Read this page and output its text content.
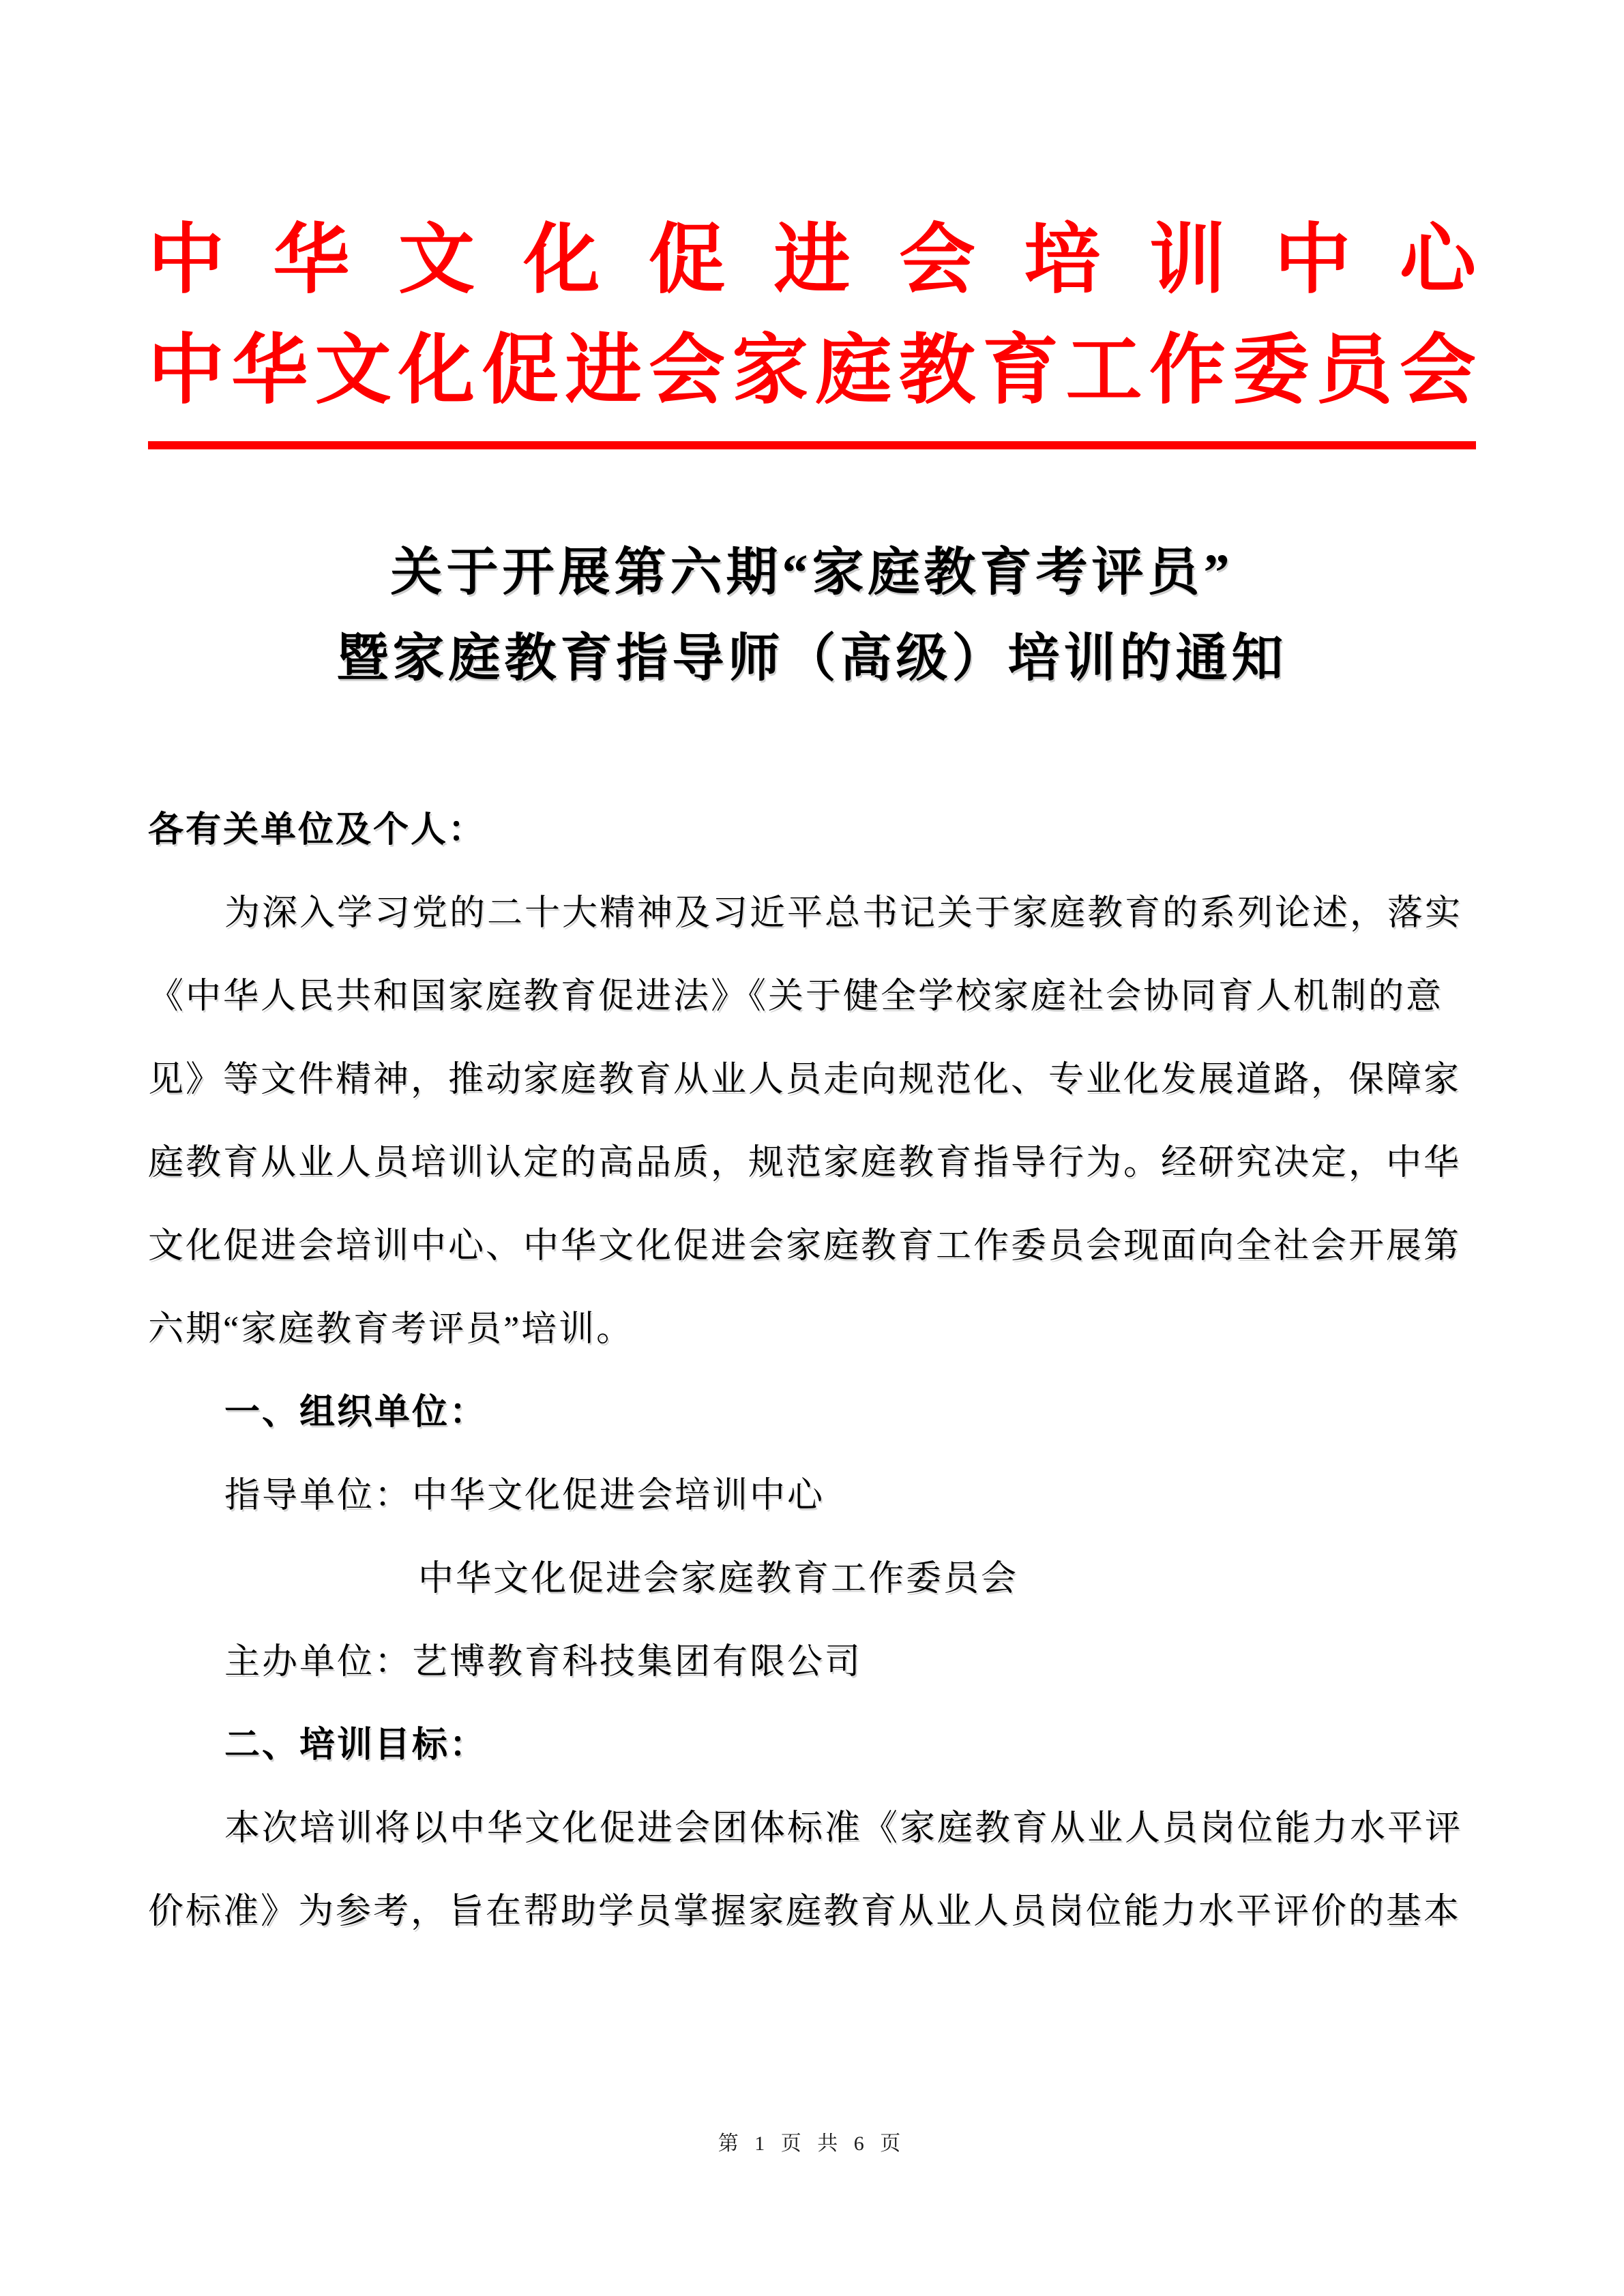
中 华 文 化 促 进 会 培 训 中 心
中 华 文 化 促 进 会 家 庭 教 育 工 作 委 员 会
关于开展第六期“家庭教育考评员”
暨家庭教育指导师（高级）培训的通知
各有关单位及个人：
为深入学习党的二十大精神及习近平总书记关于家庭教育的系列论述，落实
《中华人民共和国家庭教育促进法》《关于健全学校家庭社会协同育人机制的意
见》等文件精神，推动家庭教育从业人员走向规范化、专业化发展道路，保障家
庭教育从业人员培训认定的高品质，规范家庭教育指导行为。经研究决定，中华
文化促进会培训中心、中华文化促进会家庭教育工作委员会现面向全社会开展第
六期“家庭教育考评员”培训。
一、组织单位：
指导单位：中华文化促进会培训中心
中华文化促进会家庭教育工作委员会
主办单位：艺博教育科技集团有限公司
二、培训目标：
本次培训将以中华文化促进会团体标准《家庭教育从业人员岗位能力水平评
价标准》为参考，旨在帮助学员掌握家庭教育从业人员岗位能力水平评价的基本
第 1 页 共 6 页
